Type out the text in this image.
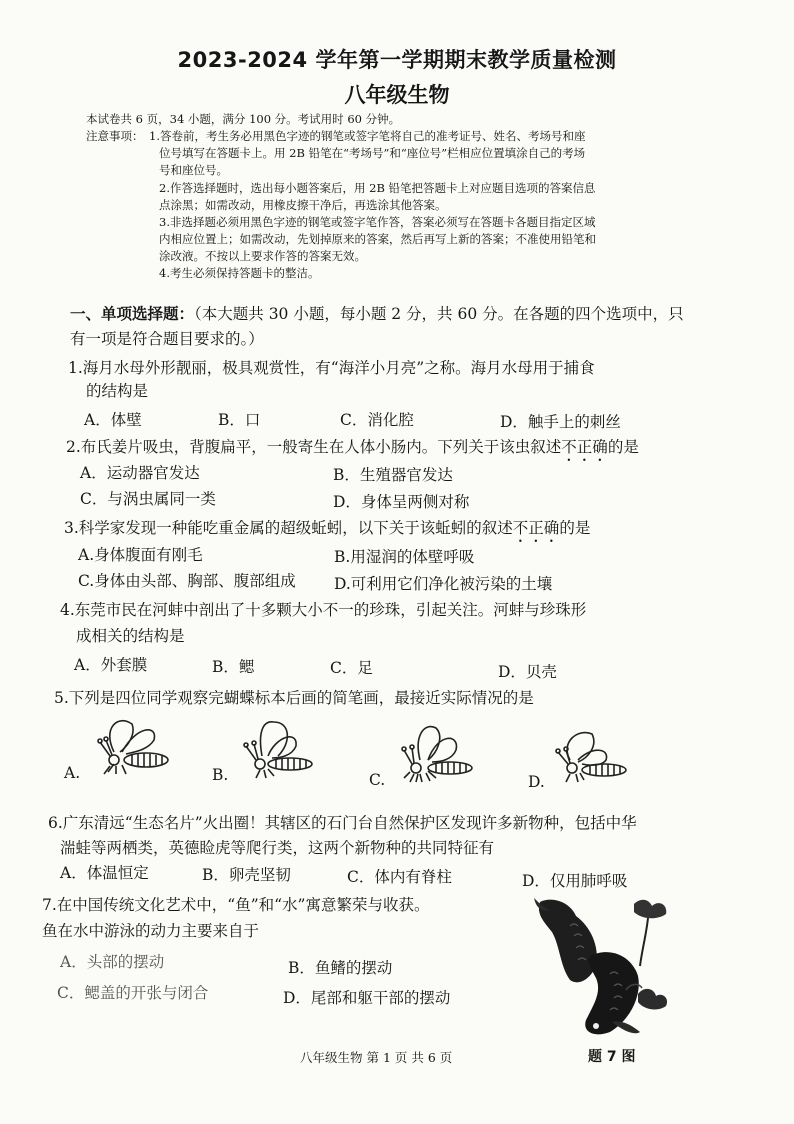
2023-2024 学年第一学期期末教学质量检测
八年级生物
本试卷共 6 页，34 小题，满分 100 分。考试用时 60 分钟。
注意事项： 1.答卷前，考生务必用黑色字迹的钢笔或签字笔将自己的准考证号、姓名、考场号和座
位号填写在答题卡上。用 2B 铅笔在“考场号”和“座位号”栏相应位置填涂自己的考场
号和座位号。
2.作答选择题时，选出每小题答案后，用 2B 铅笔把答题卡上对应题目选项的答案信息
点涂黑；如需改动，用橡皮擦干净后，再选涂其他答案。
3.非选择题必须用黑色字迹的钢笔或签字笔作答，答案必须写在答题卡各题目指定区域
内相应位置上；如需改动，先划掉原来的答案，然后再写上新的答案；不准使用铅笔和
涂改液。不按以上要求作答的答案无效。
4.考生必须保持答题卡的整洁。
一、单项选择题：（本大题共 30 小题，每小题 2 分，共 60 分。在各题的四个选项中，只
有一项是符合题目要求的。）
1.海月水母外形靓丽，极具观赏性，有“海洋小月亮”之称。海月水母用于捕食
的结构是
A．体壁	B．口	C．消化腔	D．触手上的刺丝
2.布氏姜片吸虫，背腹扁平，一般寄生在人体小肠内。下列关于该虫叙述不正确的是
A．运动器官发达	B．生殖器官发达
C．与涡虫属同一类	D．身体呈两侧对称
3.科学家发现一种能吃重金属的超级蚯蚓，以下关于该蚯蚓的叙述不正确的是
A.身体腹面有刚毛	B.用湿润的体壁呼吸
C.身体由头部、胸部、腹部组成 D.可利用它们净化被污染的土壤
4.东莞市民在河蚌中剖出了十多颗大小不一的珍珠，引起关注。河蚌与珍珠形
成相关的结构是
A．外套膜	B．鳃	C．足	D．贝壳
5.下列是四位同学观察完蝴蝶标本后画的简笔画，最接近实际情况的是
A.	B.	C.	D.
6.广东清远“生态名片”火出圈！其辖区的石门台自然保护区发现许多新物种，包括中华
湍蛙等两栖类，英德睑虎等爬行类，这两个新物种的共同特征有
A．体温恒定	B．卵壳坚韧	C．体内有脊柱	D．仅用肺呼吸
7.在中国传统文化艺术中，“鱼”和“水”寓意繁荣与收获。
鱼在水中游泳的动力主要来自于
A．头部的摆动	B．鱼鳍的摆动
C．鳃盖的开张与闭合	D．尾部和躯干部的摆动
题 7 图
八年级生物 第 1 页 共 6 页
